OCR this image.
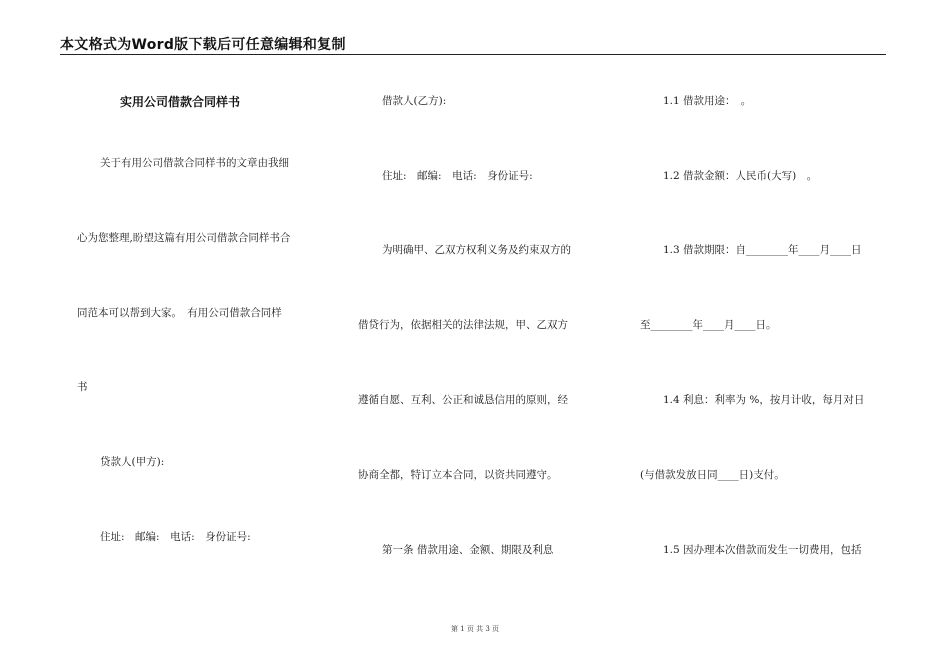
本文格式为Word版下载后可任意编辑和复制
实用公司借款合同样书
关于有用公司借款合同样书的文章由我细
心为您整理,盼望这篇有用公司借款合同样书合
同范本可以帮到大家。　有用公司借款合同样
书
贷款人(甲方):
住址:　邮编:　电话:　身份证号:
借款人(乙方):
住址:　邮编:　电话:　身份证号:
为明确甲、乙双方权利义务及约束双方的
借贷行为，依据相关的法律法规，甲、乙双方
遵循自愿、互利、公正和诚恳信用的原则，经
协商全都，特订立本合同，以资共同遵守。
第一条 借款用途、金额、期限及利息
1.1 借款用途：　。
1.2 借款金额：人民币(大写)　。
1.3 借款期限：自________年____月____日
至________年____月____日。
1.4 利息：利率为 %，按月计收，每月对日
(与借款发放日同____日)支付。
1.5 因办理本次借款而发生一切费用，包括
第 1 页 共 3 页
